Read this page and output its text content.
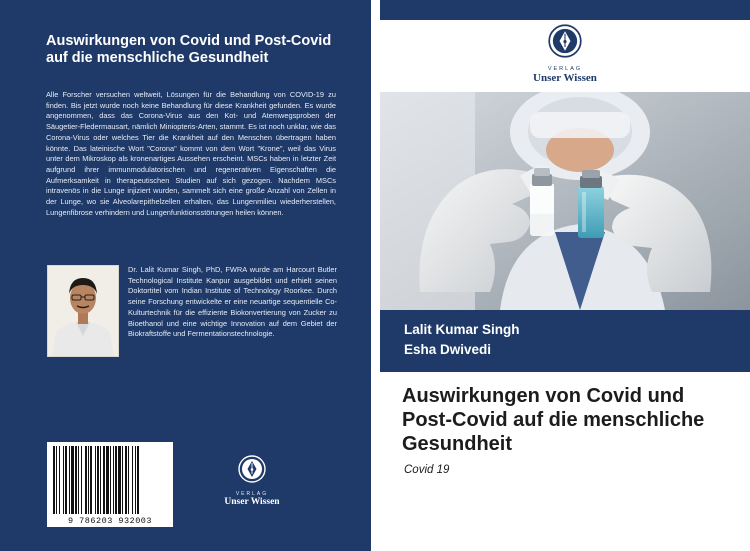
Auswirkungen von Covid und Post-Covid auf die menschliche Gesundheit
Alle Forscher versuchen weltweit, Lösungen für die Behandlung von COVID-19 zu finden. Bis jetzt wurde noch keine Behandlung für diese Krankheit gefunden. Es wurde angenommen, dass das Corona-Virus aus den Kot- und Atemwegsproben der Säugetier-Fledermausart, nämlich Miniopteris-Arten, stammt. Es ist noch unklar, wie das Corona-Virus oder welches Tier die Krankheit auf den Menschen übertragen haben könnte. Das lateinische Wort "Corona" kommt von dem Wort "Krone", weil das Virus unter dem Mikroskop als kronenartiges Aussehen erscheint. MSCs haben in letzter Zeit aufgrund ihrer immunmodulatorischen und regenerativen Eigenschaften die Aufmerksamkeit in therapeutischen Studien auf sich gezogen. Nachdem MSCs intravenös in die Lunge injiziert wurden, sammelt sich eine große Anzahl von Zellen in der Lunge, wo sie Alveolarepithelzellen erhalten, das Lungenmilieu wiederherstellen, Lungenfibrose verhindern und Lungenfunktionsstörungen heilen können.
Dr. Lalit Kumar Singh, PhD, FWRA wurde am Harcourt Butler Technological Institute Kanpur ausgebildet und erhielt seinen Doktortitel vom Indian Institute of Technology Roorkee. Durch seine Forschung entwickelte er eine neuartige sequentielle Co-Kulturtechnik für die effiziente Biokonvertierung von Zucker zu Bioethanol und eine wichtige Innovation auf dem Gebiet der Biokraftstoffe und Fermentationstechnologie.
9 786203 932003
VERLAG
Unser Wissen
VERLAG
Unser Wissen
Lalit Kumar Singh
Esha Dwivedi
Auswirkungen von Covid und Post-Covid auf die menschliche Gesundheit
Covid 19
